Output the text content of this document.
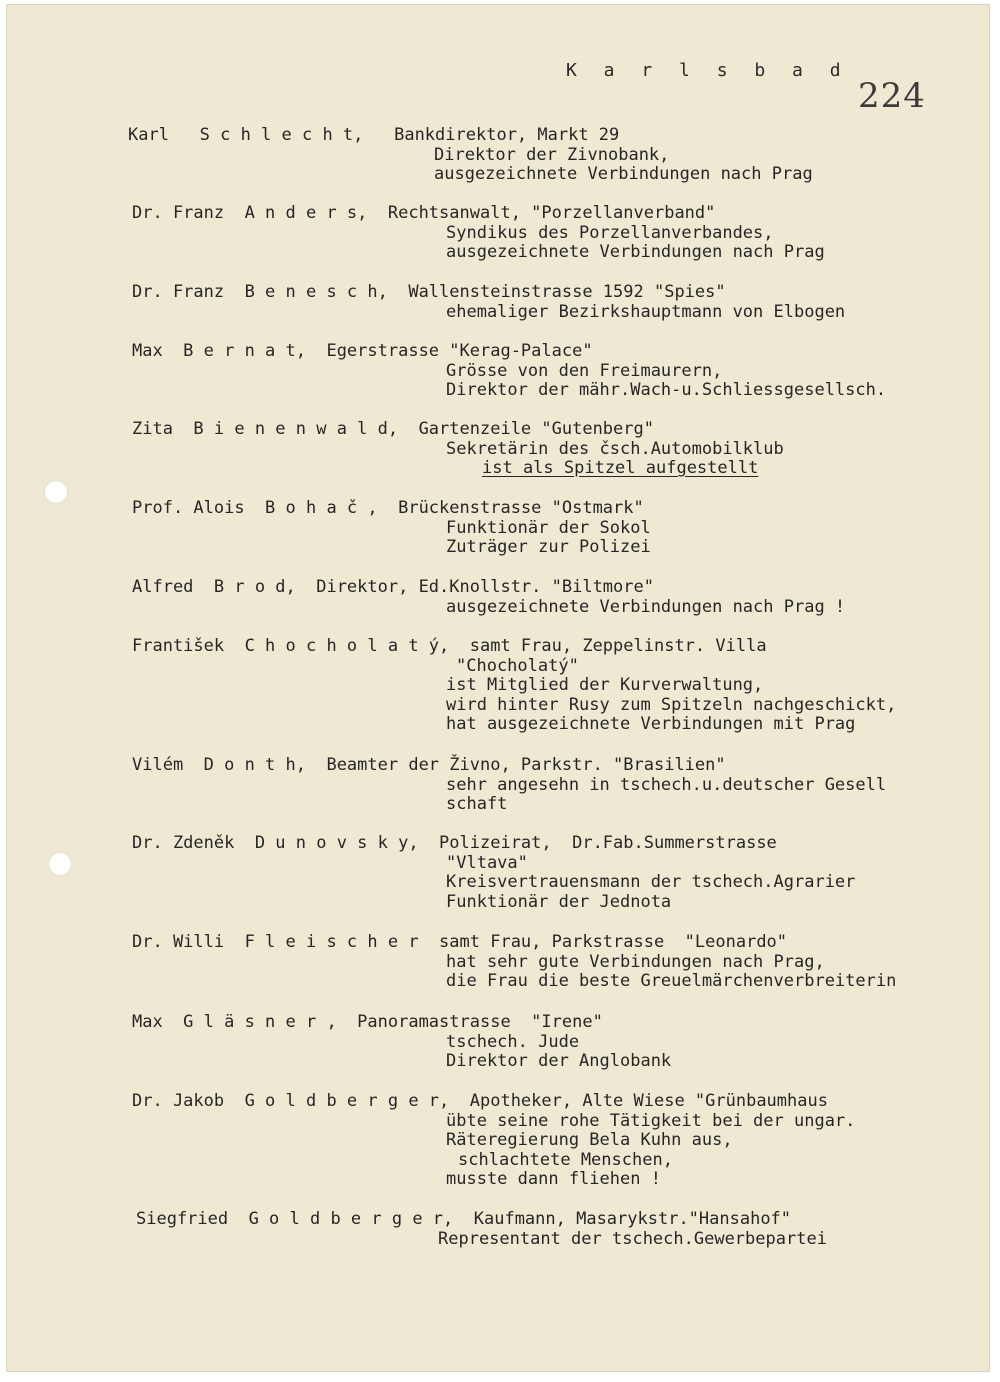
K a r l s b a d
224
Karl   S c h l e c h t,   Bankdirektor, Markt 29
Direktor der Zivnobank,
ausgezeichnete Verbindungen nach Prag
Dr. Franz  A n d e r s,  Rechtsanwalt, "Porzellanverband"
Syndikus des Porzellanverbandes,
ausgezeichnete Verbindungen nach Prag
Dr. Franz  B e n e s c h,  Wallensteinstrasse 1592 "Spies"
ehemaliger Bezirkshauptmann von Elbogen
Max  B e r n a t,  Egerstrasse "Kerag-Palace"
Grösse von den Freimaurern,
Direktor der mähr.Wach-u.Schliessgesellsch.
Zita  B i e n e n w a l d,  Gartenzeile "Gutenberg"
Sekretärin des čsch.Automobilklub
ist als Spitzel aufgestellt
Prof. Alois  B o h a č ,  Brückenstrasse "Ostmark"
Funktionär der Sokol
Zuträger zur Polizei
Alfred  B r o d,  Direktor, Ed.Knollstr. "Biltmore"
ausgezeichnete Verbindungen nach Prag !
František  C h o c h o l a t ý,  samt Frau, Zeppelinstr. Villa
"Chocholatý"
ist Mitglied der Kurverwaltung,
wird hinter Rusy zum Spitzeln nachgeschickt,
hat ausgezeichnete Verbindungen mit Prag
Vilém  D o n t h,  Beamter der Živno, Parkstr. "Brasilien"
sehr angesehn in tschech.u.deutscher Gesell
schaft
Dr. Zdeněk  D u n o v s k y,  Polizeirat,  Dr.Fab.Summerstrasse
"Vltava"
Kreisvertrauensmann der tschech.Agrarier
Funktionär der Jednota
Dr. Willi  F l e i s c h e r  samt Frau, Parkstrasse  "Leonardo"
hat sehr gute Verbindungen nach Prag,
die Frau die beste Greuelmärchenverbreiterin
Max  G l ä s n e r ,  Panoramastrasse  "Irene"
tschech. Jude
Direktor der Anglobank
Dr. Jakob  G o l d b e r g e r,  Apotheker, Alte Wiese "Grünbaumhaus
übte seine rohe Tätigkeit bei der ungar.
Räteregierung Bela Kuhn aus,
schlachtete Menschen,
musste dann fliehen !
Siegfried  G o l d b e r g e r,  Kaufmann, Masarykstr."Hansahof"
Representant der tschech.Gewerbepartei
